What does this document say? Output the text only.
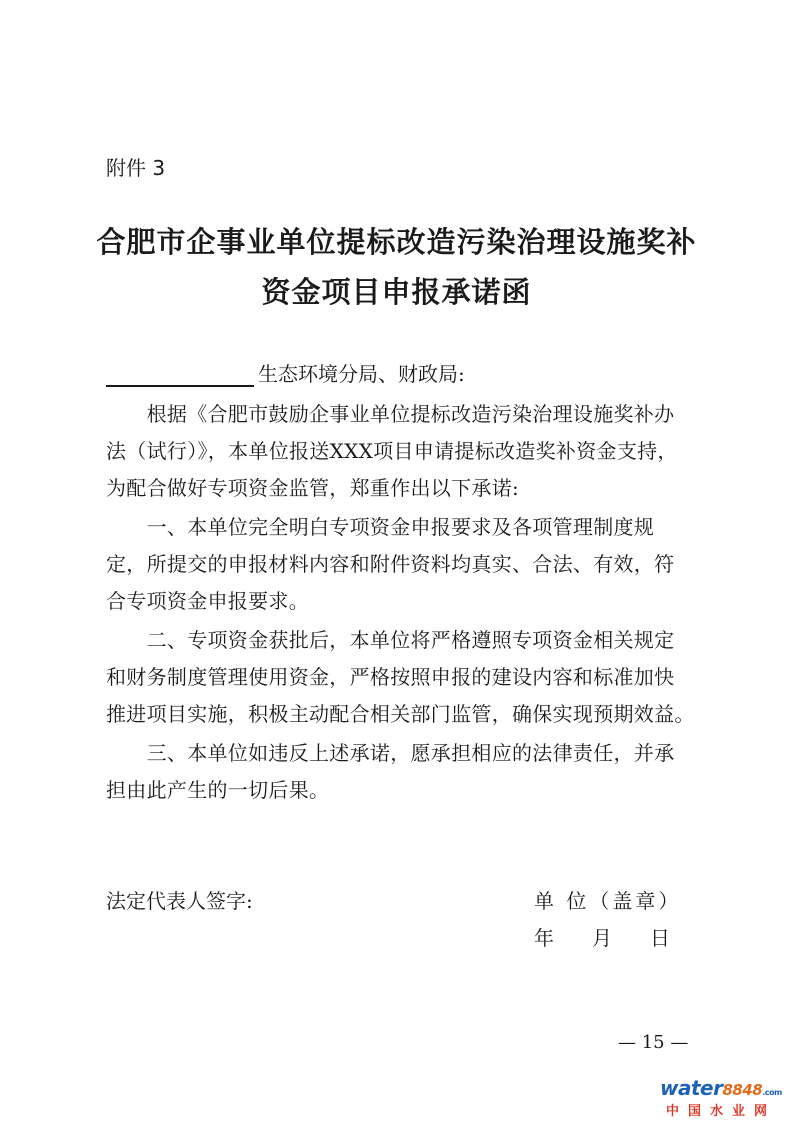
附件 3
合肥市企事业单位提标改造污染治理设施奖补
资金项目申报承诺函
生态环境分局、财政局:
　　根据《合肥市鼓励企事业单位提标改造污染治理设施奖补办
法（试行）》，本单位报送XXX项目申请提标改造奖补资金支持，
为配合做好专项资金监管，郑重作出以下承诺:
　　一、本单位完全明白专项资金申报要求及各项管理制度规
定，所提交的申报材料内容和附件资料均真实、合法、有效，符
合专项资金申报要求。
　　二、专项资金获批后，本单位将严格遵照专项资金相关规定
和财务制度管理使用资金，严格按照申报的建设内容和标准加快
推进项目实施，积极主动配合相关部门监管，确保实现预期效益。
　　三、本单位如违反上述承诺，愿承担相应的法律责任，并承
担由此产生的一切后果。
法定代表人签字:	单 位（盖章）
年 月 日
— 15 —
water8848.com
中国水业网
